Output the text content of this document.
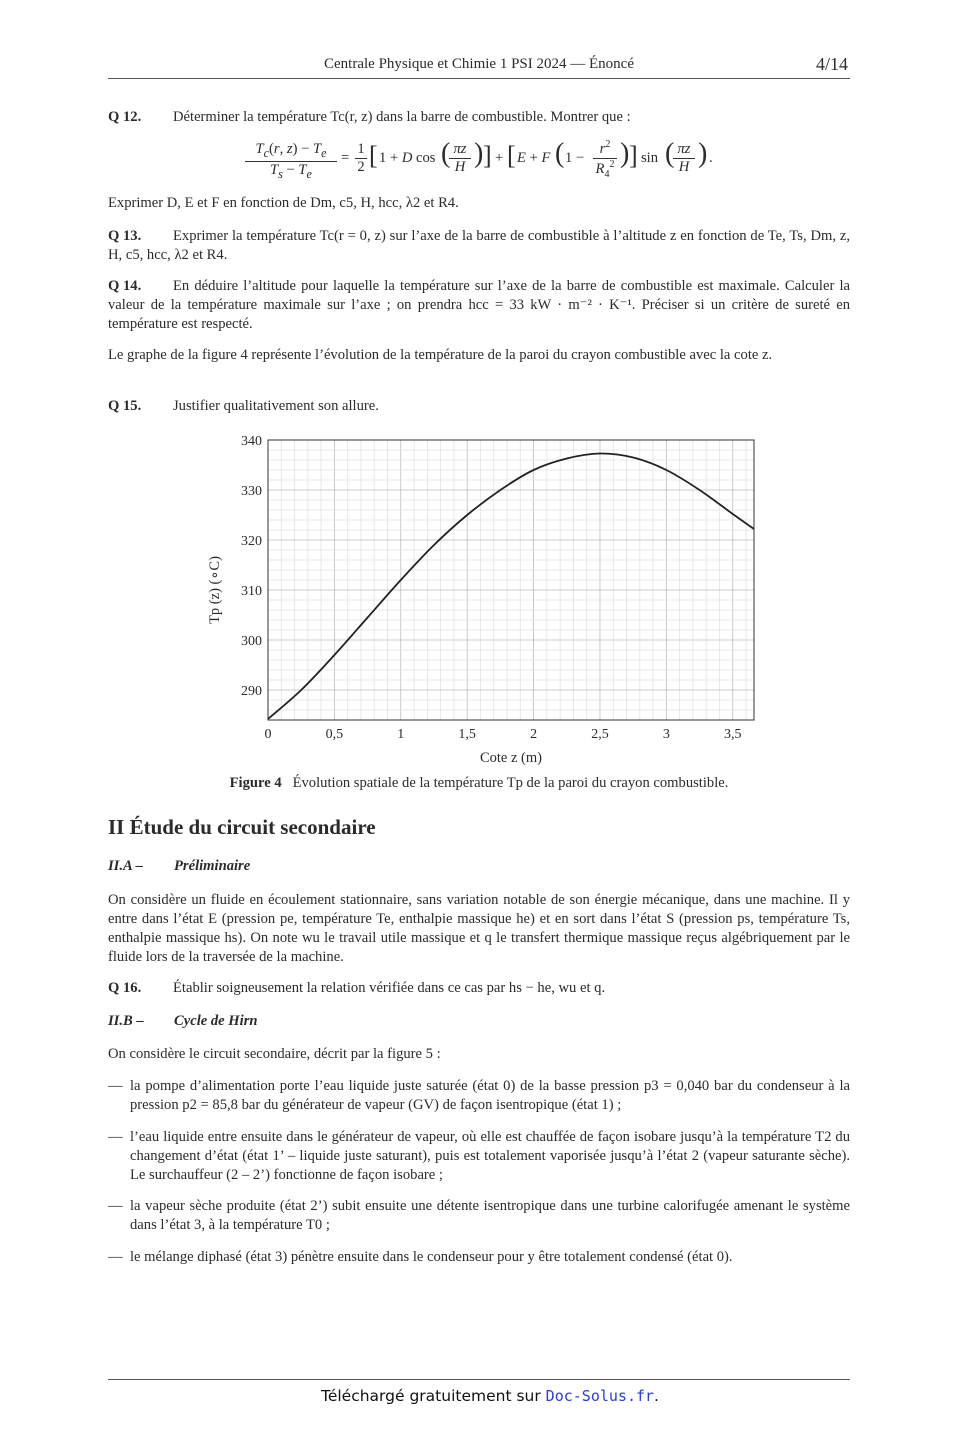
Centrale Physique et Chimie 1 PSI 2024 — Énoncé	4/14
Q 12. Déterminer la température Tc(r, z) dans la barre de combustible. Montrer que :
$T_c(r$, $z) - T_e$
$T_s - T_e$
=
1
2 [ 1 + D cos ( πz
H ) ] + [ E + F ( 1 −
$r^2$
$R_4^2$ ) ] sin ( πz
H ) .
Exprimer D, E et F en fonction de Dm, c5, H, hcc, λ2 et R4.
Q 13. Exprimer la température Tc(r = 0, z) sur l’axe de la barre de combustible à l’altitude z en fonction de Te, Ts, Dm, z, H, c5, hcc, λ2 et R4.
Q 14. En déduire l’altitude pour laquelle la température sur l’axe de la barre de combustible est maximale. Calculer la valeur de la température maximale sur l’axe ; on prendra hcc = 33 kW · m⁻² · K⁻¹. Préciser si un critère de sureté en température est respecté.
Le graphe de la figure 4 représente l’évolution de la température de la paroi du crayon combustible avec la cote z.
Q 15. Justifier qualitativement son allure.
0	0,5	1	1,5	2	2,5	3	3,5
290
300
310
320
330
340
Cote z (m)
Tp (z) (∘C)
Figure 4 Évolution spatiale de la température Tp de la paroi du crayon combustible.
II Étude du circuit secondaire
II.A – Préliminaire
On considère un fluide en écoulement stationnaire, sans variation notable de son énergie mécanique, dans une machine. Il y entre dans l’état E (pression pe, température Te, enthalpie massique he) et en sort dans l’état S (pression ps, température Ts, enthalpie massique hs). On note wu le travail utile massique et q le transfert thermique massique reçus algébriquement par le fluide lors de la traversée de la machine.
Q 16. Établir soigneusement la relation vérifiée dans ce cas par hs − he, wu et q.
II.B – Cycle de Hirn
On considère le circuit secondaire, décrit par la figure 5 :
— la pompe d’alimentation porte l’eau liquide juste saturée (état 0) de la basse pression p3 = 0,040 bar du condenseur à la pression p2 = 85,8 bar du générateur de vapeur (GV) de façon isentropique (état 1) ;
— l’eau liquide entre ensuite dans le générateur de vapeur, où elle est chauffée de façon isobare jusqu’à la température T2 du changement d’état (état 1’ – liquide juste saturant), puis est totalement vaporisée jusqu’à l’état 2 (vapeur saturante sèche). Le surchauffeur (2 – 2’) fonctionne de façon isobare ;
— la vapeur sèche produite (état 2’) subit ensuite une détente isentropique dans une turbine calorifugée amenant le système dans l’état 3, à la température T0 ;
— le mélange diphasé (état 3) pénètre ensuite dans le condenseur pour y être totalement condensé (état 0).
Téléchargé gratuitement sur Doc-Solus.fr.
